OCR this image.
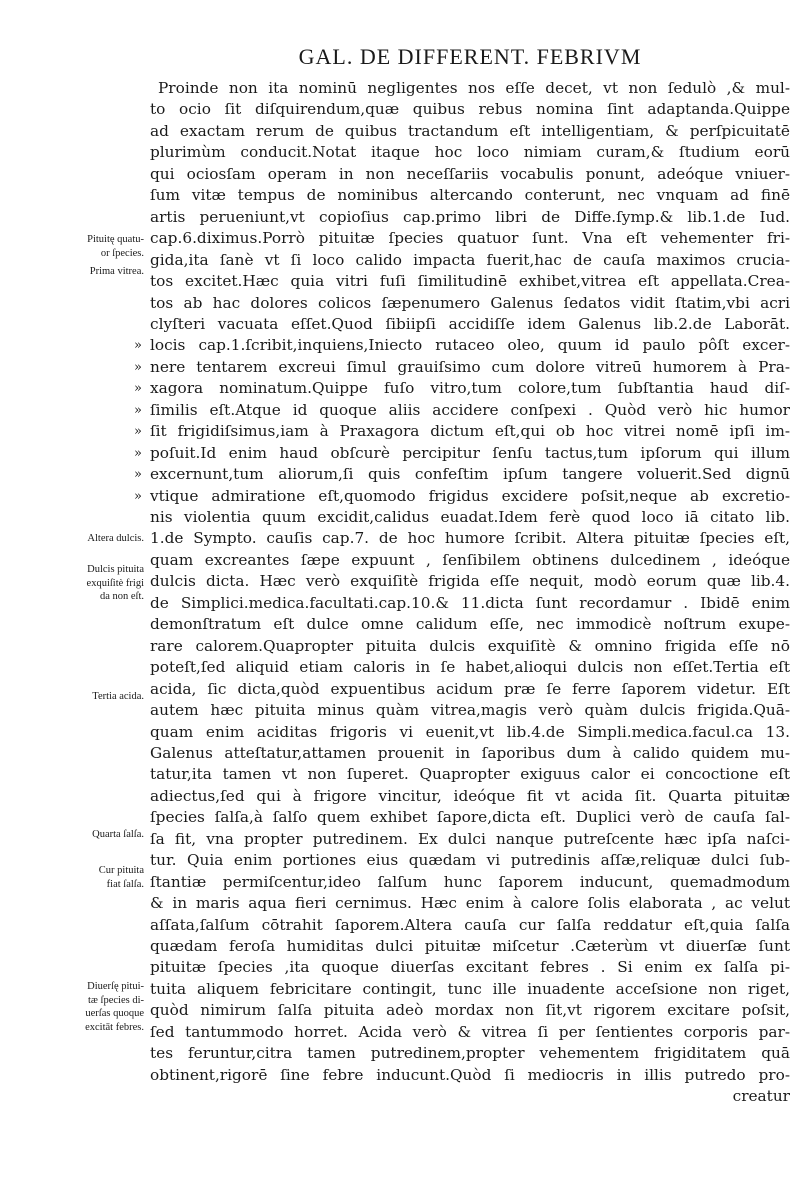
GAL. DE DIFFERENT. FEBRIVM
Pituitę quatu-
or ſpecies.
Prima vitrea.
Altera dulcis.
Dulcis pituita
exquiſitè frigi
da non eſt.
Tertia acida.
Quarta ſalſa.
Cur pituita
fiat ſalſa.
Diuerſę pitui-
tæ ſpecies di-
uerſas quoque
excitāt febres.
»
»
»
»
»
»
»
»
Proinde non ita nominū negligentes nos eſſe decet, vt non ſedulò ,& mul-
to ocio ſit diſquirendum,quæ quibus rebus nomina ſint adaptanda.Quippe
ad exactam rerum de quibus tractandum eſt intelligentiam, & perſpicuitatē
plurimùm conducit.Notat itaque hoc loco nimiam curam,& ſtudium eorū
qui ociosſam operam in non neceſſariis vocabulis ponunt, adeóque vniuer-
ſum vitæ tempus de nominibus altercando conterunt, nec vnquam ad finē
artis perueniunt,vt copioſius cap.primo libri de Diffe.ſymp.& lib.1.de Iud.
cap.6.diximus.Porrò pituitæ ſpecies quatuor ſunt. Vna eſt vehementer fri-
gida,ita ſanè vt ſi loco calido impacta fuerit,hac de cauſa maximos crucia-
tos excitet.Hæc quia vitri fuſi ſimilitudinē exhibet,vitrea eſt appellata.Crea-
tos ab hac dolores colicos ſæpenumero Galenus ſedatos vidit ſtatim,vbi acri
clyſteri vacuata eſſet.Quod ſibiipſi accidiſſe idem Galenus lib.2.de Laborāt.
locis cap.1.ſcribit,inquiens,Iniecto rutaceo oleo, quum id paulo pôſt excer-
nere tentarem excreui ſimul grauiſsimo cum dolore vitreū humorem à Pra-
xagora nominatum.Quippe fuſo vitro,tum colore,tum ſubſtantia haud diſ-
ſimilis eſt.Atque id quoque aliis accidere conſpexi . Quòd verò hic humor
ſit frigidiſsimus,iam à Praxagora dictum eſt,qui ob hoc vitrei nomē ipſi im-
poſuit.Id enim haud obſcurè percipitur ſenſu tactus,tum ipſorum qui illum
excernunt,tum aliorum,ſi quis confeſtim ipſum tangere voluerit.Sed dignū
vtique admiratione eſt,quomodo frigidus excidere poſsit,neque ab excretio-
nis violentia quum excidit,calidus euadat.Idem ferè quod loco iā citato lib.
1.de Sympto. cauſis cap.7. de hoc humore ſcribit. Altera pituitæ ſpecies eſt,
quam excreantes ſæpe expuunt , ſenſibilem obtinens dulcedinem , ideóque
dulcis dicta. Hæc verò exquiſitè frigida eſſe nequit, modò eorum quæ lib.4.
de Simplici.medica.facultati.cap.10.& 11.dicta ſunt recordamur . Ibidē enim
demonſtratum eſt dulce omne calidum eſſe, nec immodicè noſtrum exupe-
rare calorem.Quapropter pituita dulcis exquiſitè & omnino frigida eſſe nō
poteſt,ſed aliquid etiam caloris in ſe habet,alioqui dulcis non eſſet.Tertia eſt
acida, ſic dicta,quòd expuentibus acidum præ ſe ferre ſaporem videtur. Eſt
autem hæc pituita minus quàm vitrea,magis verò quàm dulcis frigida.Quā-
quam enim aciditas frigoris vi euenit,vt lib.4.de Simpli.medica.facul.ca 13.
Galenus atteſtatur,attamen prouenit in ſaporibus dum à calido quidem mu-
tatur,ita tamen vt non ſuperet. Quapropter exiguus calor ei concoctione eſt
adiectus,ſed qui à frigore vincitur, ideóque fit vt acida ſit. Quarta pituitæ
ſpecies ſalſa,à ſalſo quem exhibet ſapore,dicta eſt. Duplici verò de cauſa ſal-
ſa fit, vna propter putredinem. Ex dulci nanque putreſcente hæc ipſa naſci-
tur. Quia enim portiones eius quædam vi putredinis aſſæ,reliquæ dulci ſub-
ſtantiæ permiſcentur,ideo ſalſum hunc ſaporem inducunt, quemadmodum
& in maris aqua fieri cernimus. Hæc enim à calore ſolis elaborata , ac velut
aſſata,ſalſum cōtrahit ſaporem.Altera cauſa cur ſalſa reddatur eſt,quia ſalſa
quædam feroſa humiditas dulci pituitæ miſcetur .Cæterùm vt diuerſæ ſunt
pituitæ ſpecies ,ita quoque diuerſas excitant febres . Si enim ex ſalſa pi-
tuita aliquem febricitare contingit, tunc ille inuadente acceſsione non riget,
quòd nimirum ſalſa pituita adeò mordax non ſit,vt rigorem excitare poſsit,
ſed tantummodo horret. Acida verò & vitrea ſi per ſentientes corporis par-
tes feruntur,citra tamen putredinem,propter vehementem frigiditatem quā
obtinent,rigorē ſine febre inducunt.Quòd ſi mediocris in illis putredo pro-
creatur
